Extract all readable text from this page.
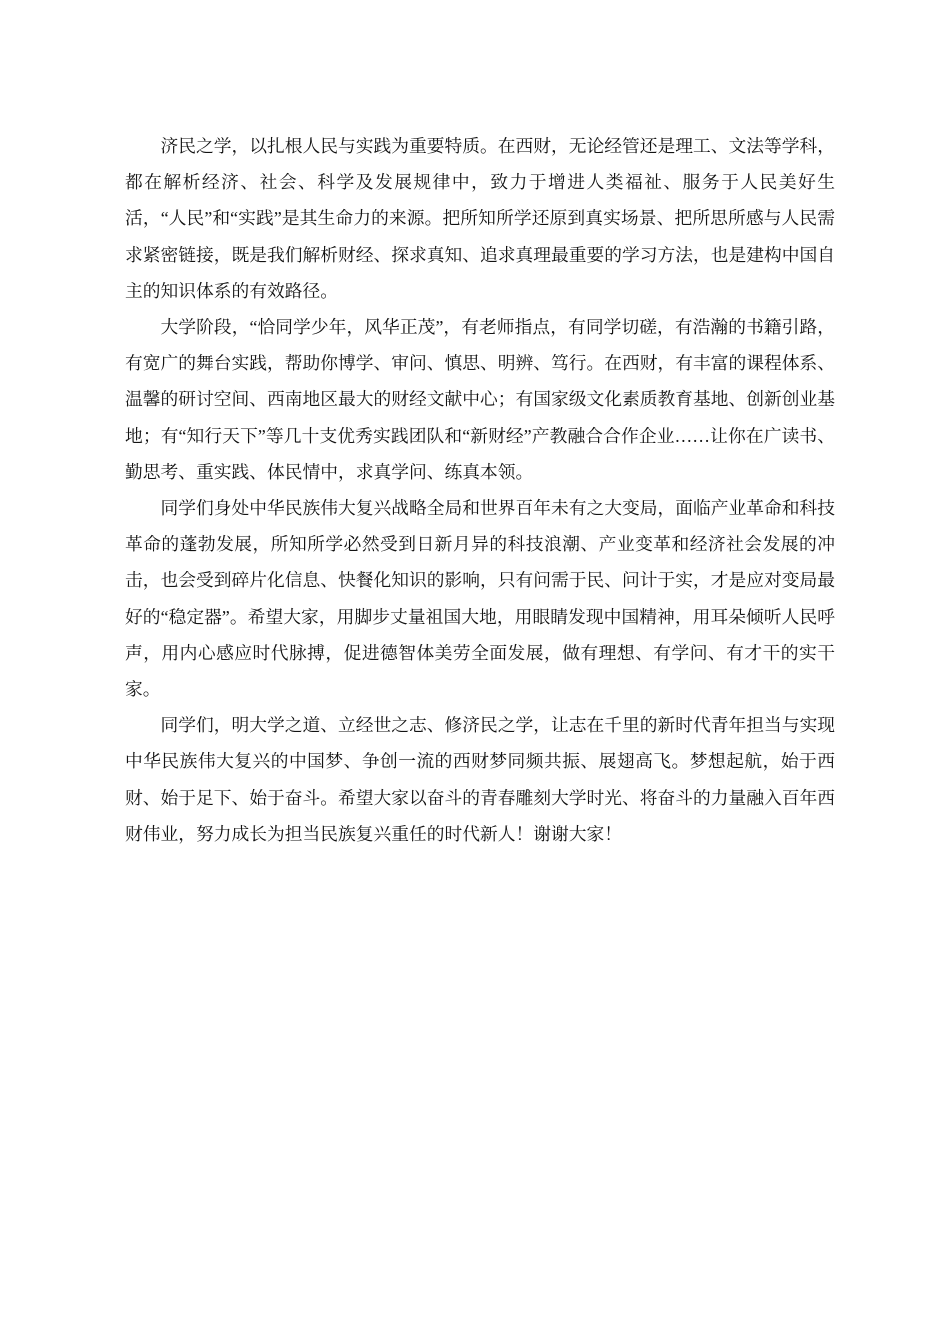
济民之学，以扎根人民与实践为重要特质。在西财，无论经管还是理工、文法等学科，都在解析经济、社会、科学及发展规律中，致力于增进人类福祉、服务于人民美好生活，“人民”和“实践”是其生命力的来源。把所知所学还原到真实场景、把所思所感与人民需求紧密链接，既是我们解析财经、探求真知、追求真理最重要的学习方法，也是建构中国自主的知识体系的有效路径。

大学阶段，“恰同学少年，风华正茂”，有老师指点，有同学切磋，有浩瀚的书籍引路，有宽广的舞台实践，帮助你博学、审问、慎思、明辨、笃行。在西财，有丰富的课程体系、温馨的研讨空间、西南地区最大的财经文献中心；有国家级文化素质教育基地、创新创业基地；有“知行天下”等几十支优秀实践团队和“新财经”产教融合合作企业……让你在广读书、勤思考、重实践、体民情中，求真学问、练真本领。

同学们身处中华民族伟大复兴战略全局和世界百年未有之大变局，面临产业革命和科技革命的蓬勃发展，所知所学必然受到日新月异的科技浪潮、产业变革和经济社会发展的冲击，也会受到碎片化信息、快餐化知识的影响，只有问需于民、问计于实，才是应对变局最好的“稳定器”。希望大家，用脚步丈量祖国大地，用眼睛发现中国精神，用耳朵倾听人民呼声，用内心感应时代脉搏，促进德智体美劳全面发展，做有理想、有学问、有才干的实干家。

同学们，明大学之道、立经世之志、修济民之学，让志在千里的新时代青年担当与实现中华民族伟大复兴的中国梦、争创一流的西财梦同频共振、展翅高飞。梦想起航，始于西财、始于足下、始于奋斗。希望大家以奋斗的青春雕刻大学时光、将奋斗的力量融入百年西财伟业，努力成长为担当民族复兴重任的时代新人！谢谢大家！
